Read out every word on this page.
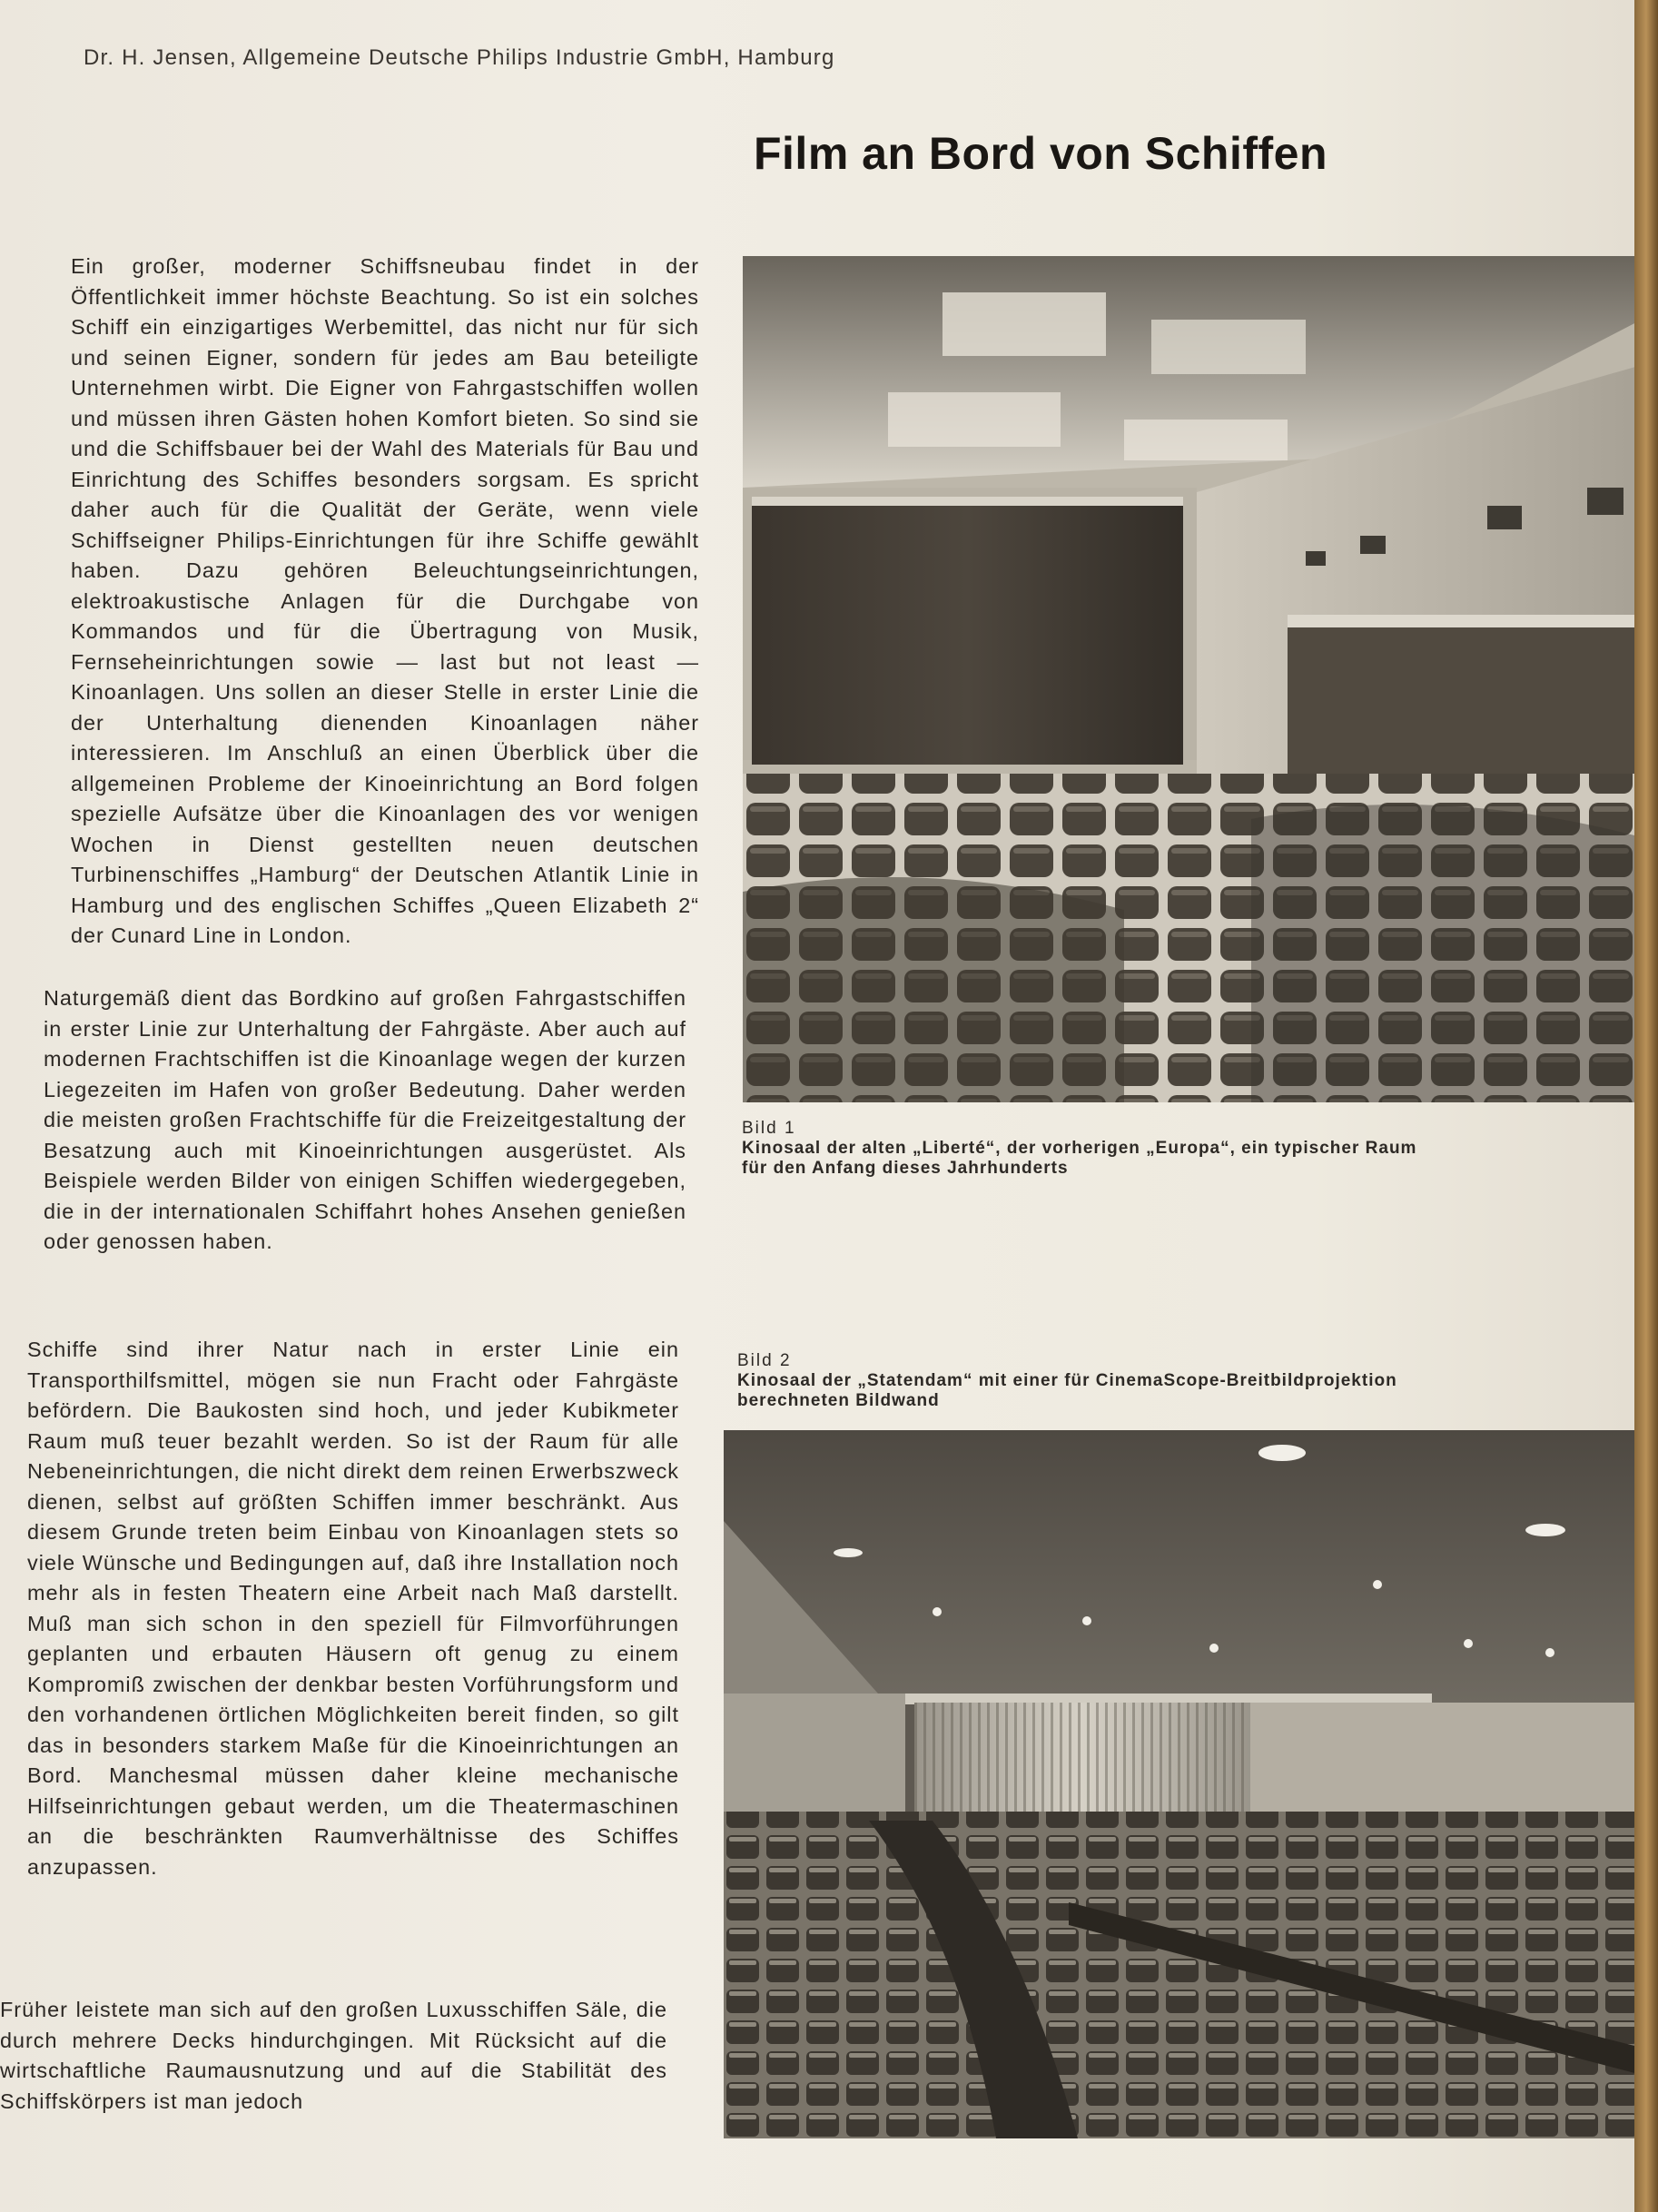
Dr. H. Jensen, Allgemeine Deutsche Philips Industrie GmbH, Hamburg
Film an Bord von Schiffen

Ein großer, moderner Schiffsneubau findet in der Öffentlichkeit immer höchste Beachtung. So ist ein solches Schiff ein einzigartiges Werbemittel, das nicht nur für sich und seinen Eigner, sondern für jedes am Bau beteiligte Unternehmen wirbt. Die Eigner von Fahrgastschiffen wollen und müssen ihren Gästen hohen Komfort bieten. So sind sie und die Schiffsbauer bei der Wahl des Materials für Bau und Einrichtung des Schiffes besonders sorgsam. Es spricht daher auch für die Qualität der Geräte, wenn viele Schiffseigner Philips-Einrichtungen für ihre Schiffe gewählt haben. Dazu gehören Beleuchtungseinrichtungen, elektroakustische Anlagen für die Durchgabe von Kommandos und für die Übertragung von Musik, Fernseheinrichtungen sowie — last but not least — Kinoanlagen. Uns sollen an dieser Stelle in erster Linie die der Unterhaltung dienenden Kinoanlagen näher interessieren. Im Anschluß an einen Überblick über die allgemeinen Probleme der Kinoeinrichtung an Bord folgen spezielle Aufsätze über die Kinoanlagen des vor wenigen Wochen in Dienst gestellten neuen deutschen Turbinenschiffes „Hamburg“ der Deutschen Atlantik Linie in Hamburg und des englischen Schiffes „Queen Elizabeth 2“ der Cunard Line in London.

Naturgemäß dient das Bordkino auf großen Fahrgastschiffen in erster Linie zur Unterhaltung der Fahrgäste. Aber auch auf modernen Frachtschiffen ist die Kinoanlage wegen der kurzen Liegezeiten im Hafen von großer Bedeutung. Daher werden die meisten großen Frachtschiffe für die Freizeitgestaltung der Besatzung auch mit Kinoeinrichtungen ausgerüstet. Als Beispiele werden Bilder von einigen Schiffen wiedergegeben, die in der internationalen Schiffahrt hohes Ansehen genießen oder genossen haben.

Schiffe sind ihrer Natur nach in erster Linie ein Transporthilfsmittel, mögen sie nun Fracht oder Fahrgäste befördern. Die Baukosten sind hoch, und jeder Kubikmeter Raum muß teuer bezahlt werden. So ist der Raum für alle Nebeneinrichtungen, die nicht direkt dem reinen Erwerbszweck dienen, selbst auf größten Schiffen immer beschränkt. Aus diesem Grunde treten beim Einbau von Kinoanlagen stets so viele Wünsche und Bedingungen auf, daß ihre Installation noch mehr als in festen Theatern eine Arbeit nach Maß darstellt. Muß man sich schon in den speziell für Filmvorführungen geplanten und erbauten Häusern oft genug zu einem Kompromiß zwischen der denkbar besten Vorführungsform und den vorhandenen örtlichen Möglichkeiten bereit finden, so gilt das in besonders starkem Maße für die Kinoeinrichtungen an Bord. Manchesmal müssen daher kleine mechanische Hilfseinrichtungen gebaut werden, um die Theatermaschinen an die beschränkten Raumverhältnisse des Schiffes anzupassen.

Früher leistete man sich auf den großen Luxusschiffen Säle, die durch mehrere Decks hindurchgingen. Mit Rücksicht auf die wirtschaftliche Raumausnutzung und auf die Stabilität des Schiffskörpers ist man jedoch

Bild 1
Kinosaal der alten „Liberté“, der vorherigen „Europa“, ein typischer Raum für den Anfang dieses Jahrhunderts
Bild 2
Kinosaal der „Statendam“ mit einer für CinemaScope-Breitbildprojektion berechneten Bildwand
